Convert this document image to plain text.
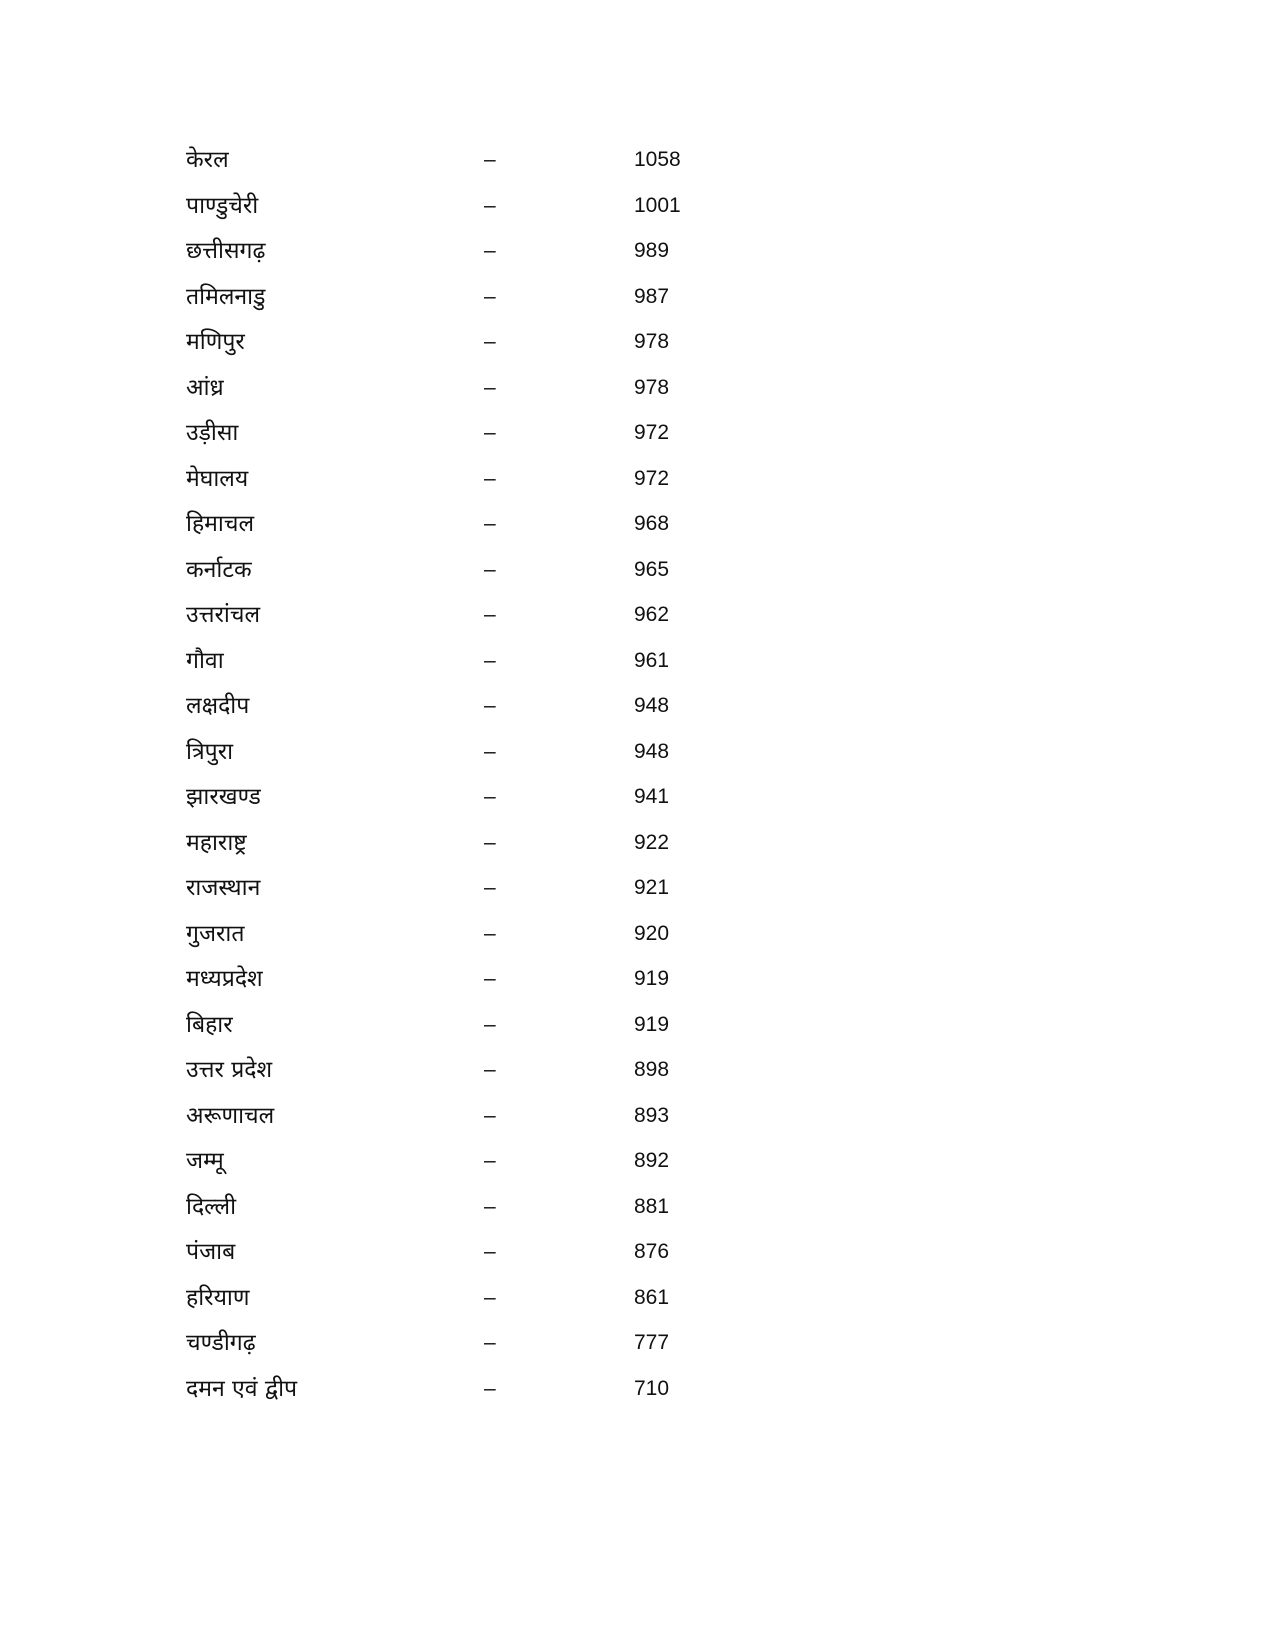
केरल	–	1058
पाण्डुचेरी	–	1001
छत्तीसगढ़	–	989
तमिलनाडु	–	987
मणिपुर	–	978
आंध्र	–	978
उड़ीसा	–	972
मेघालय	–	972
हिमाचल	–	968
कर्नाटक	–	965
उत्तरांचल	–	962
गौवा	–	961
लक्षदीप	–	948
त्रिपुरा	–	948
झारखण्ड	–	941
महाराष्ट्र	–	922
राजस्थान	–	921
गुजरात	–	920
मध्यप्रदेश	–	919
बिहार	–	919
उत्तर प्रदेश	–	898
अरूणाचल	–	893
जम्मू	–	892
दिल्ली	–	881
पंजाब	–	876
हरियाण	–	861
चण्डीगढ़	–	777
दमन एवं द्वीप	–	710
